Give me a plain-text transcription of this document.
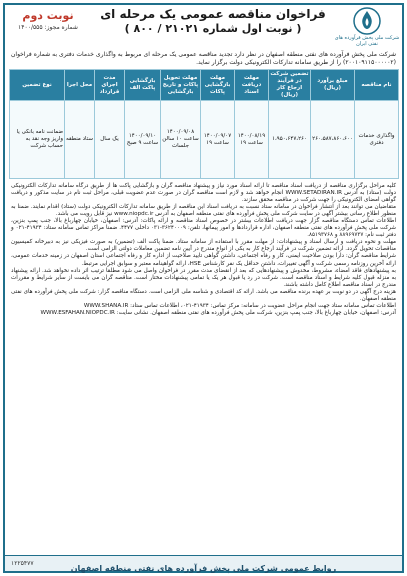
شرکت ملی پخش فرآورده های نفتی ایران
فراخوان مناقصه عمومی یک مرحله ای
( نوبت اول شماره ۲۱۰۲۱ / ۸۰۰ )
نوبت دوم
شماره مجوز: ۱۴۰۰/۵۵۵
شرکت ملی پخش فرآورده های نفتی منطقه اصفهان در نظر دارد تجدید مناقصه عمومی یک مرحله ای مربوط به واگذاری خدمات دفتری به شماره فراخوان (۲۰۰۱۰۹۱۱۵۰۰۰۰۰۲) را از طریق سامانه تدارکات الکترونیکی دولت برگزار نماید.
نام مناقصه	مبلغ برآورد (ریال)	تضمین شرکت در فرآیند ارجاع کار (ریال)	مهلت دریافت اسناد	مهلت بازگشایی پاکات	مهلت تحویل پاکات و تاریخ بازگشایی	بازگشایی پاکت الف	مدت اجرای قرارداد	محل اجرا	نوع تضمین
واگذاری خدمات دفتری	۲۶۰،۵۸۷،۸۶۰،۶۰۰	۱،۹۵۰،۶۴۷،۲۶۰	۱۴۰۰/۰۸/۱۹ ساعت ۱۹	۱۴۰۰/۰۹/۰۷ ساعت ۱۹	۱۴۰۰/۰۹/۰۸ ساعت ۱۰ سالن جلسات	۱۴۰۰/۰۹/۱۰ ساعت ۹ صبح	یک سال	ستاد منطقه	ضمانت نامه بانکی یا واریز وجه نقد به حساب شرکت

کلیه مراحل برگزاری مناقصه از دریافت اسناد مناقصه تا ارائه اسناد مورد نیاز و پیشنهاد مناقصه گران و بازگشایی پاکت ها از طریق درگاه سامانه تدارکات الکترونیکی دولت (ستاد) به آدرس WWW.SETADIRAN.IR انجام خواهد شد و لازم است مناقصه گران در صورت عدم عضویت قبلی، مراحل ثبت نام در سایت مذکور و دریافت گواهی امضای الکترونیکی را جهت شرکت در مناقصه محقق سازند.

متقاضیان می توانند بعد از انتشار فراخوان در سامانه ستاد نسبت به دریافت اسناد این مناقصه از طریق سامانه تدارکات الکترونیکی دولت (ستاد) اقدام نمایند. ضمنا به منظور اطلاع رسانی بیشتر آگهی در سایت شرکت ملی پخش فرآورده های نفتی منطقه اصفهان به آدرس www.niopdc.ir نیز قابل رویت می باشد.

اطلاعات تماس دستگاه مناقصه گزار جهت دریافت اطلاعات بیشتر در خصوص اسناد مناقصه و ارائه پاکات: آدرس: اصفهان، خیابان چهارباغ بالا، جنب پمپ بنزین، شرکت ملی پخش فرآورده های نفتی منطقه اصفهان، اداره قراردادها و امور پیمانها، تلفن: ۳۶۲۴۰۰۰۹-۰۳۱ داخلی ۴۴۷۷. ضمنا مراکز تماس سامانه ستاد: ۴۱۹۳۴-۰۲۱ و دفتر ثبت نام: ۸۸۹۶۹۷۳۷ و ۸۵۱۹۳۷۶۸.

مهلت و نحوه دریافت و ارسال اسناد و پیشنهادات: از مهلت مقرر با استفاده از سامانه ستاد. ضمنا پاکت الف (تضمین) به صورت فیزیکی نیز به دبیرخانه کمیسیون مناقصات تحویل گردد. ارائه تضمین شرکت در فرآیند ارجاع کار به یکی از انواع مندرج در آیین نامه تضمین معاملات دولتی الزامی است.

شرایط مناقصه گران: دارا بودن صلاحیت ایمنی، کار و رفاه اجتماعی، داشتن گواهی تایید صلاحیت از اداره کار و رفاه اجتماعی استان اصفهان در زمینه خدمات عمومی، ارائه آخرین روزنامه رسمی شرکت و آگهی تغییرات، داشتن حداقل یک نفر کارشناس HSE، ارائه گواهینامه معتبر و سوابق اجرایی مرتبط.

به پیشنهادهای فاقد امضاء، مشروط، مخدوش و پیشنهادهایی که بعد از انقضای مدت مقرر در فراخوان واصل می شود مطلقا ترتیب اثر داده نخواهد شد. ارائه پیشنهاد به منزله قبول کلیه شرایط و اسناد مناقصه است. شرکت در رد یا قبول هر یک یا تمامی پیشنهادات مختار است. مناقصه گران می بایست از سایر شرایط و مقررات مندرج در اسناد مناقصه اطلاع کامل داشته باشند.

هزینه درج آگهی در دو نوبت بر عهده برنده مناقصه می باشد. ارائه کد اقتصادی و شناسه ملی الزامی است. دستگاه مناقصه گزار: شرکت ملی پخش فرآورده های نفتی منطقه اصفهان.

اطلاعات تماس سامانه ستاد جهت انجام مراحل عضویت در سامانه: مرکز تماس: ۴۱۹۳۴-۰۲۱، اطلاعات تماس ستاد: WWW.SHANA.IR

آدرس: اصفهان، خیابان چهارباغ بالا، جنب پمپ بنزین، شرکت ملی پخش فرآورده های نفتی منطقه اصفهان. نشانی سایت: WWW.ESFAHAN.NIOPDC.IR

روابط عمومی شرکت ملی پخش فرآورده های نفتی منطقه اصفهان
۱۲۲۵۴۷۷
